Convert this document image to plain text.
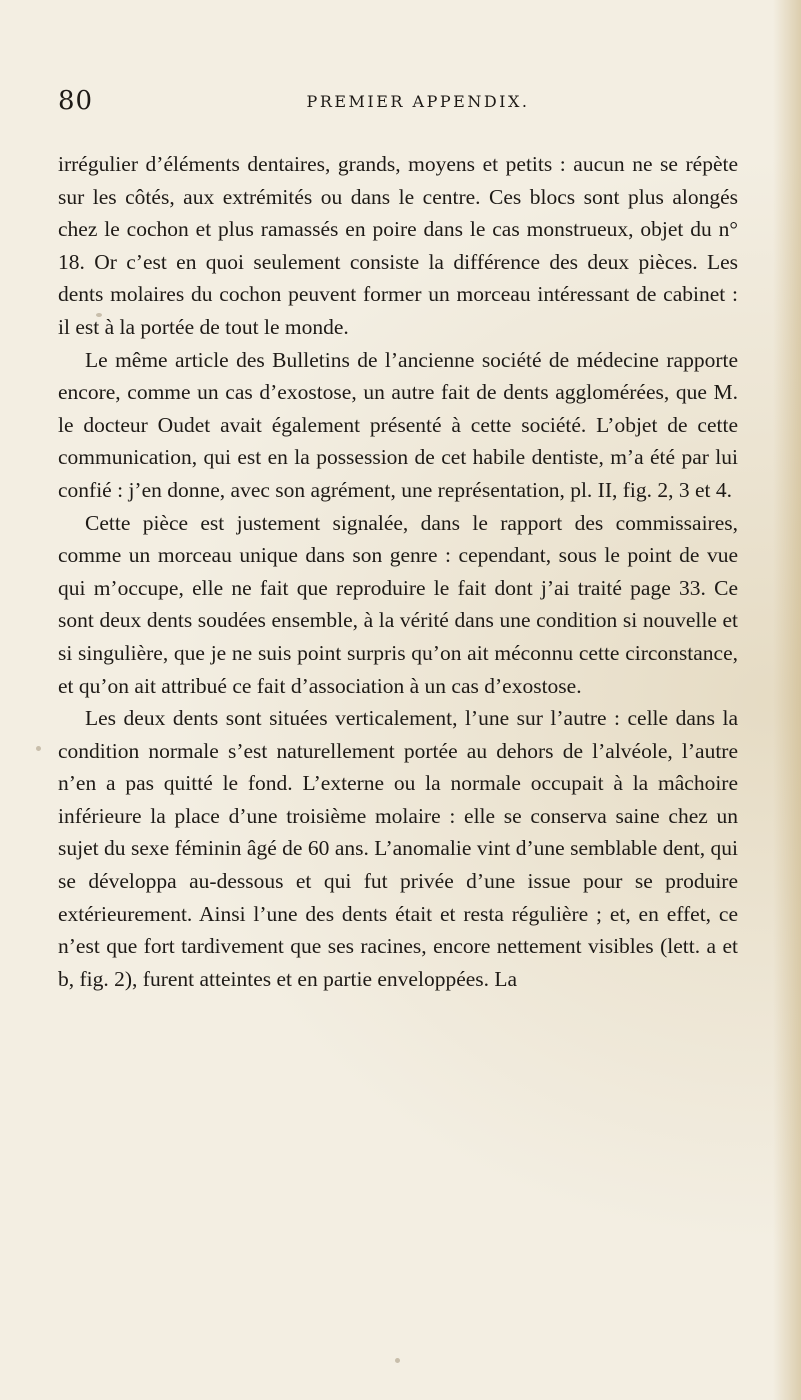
80	PREMIER APPENDIX.

irrégulier d’éléments dentaires, grands, moyens et petits : aucun ne se répète sur les côtés, aux extrémités ou dans le centre. Ces blocs sont plus alongés chez le cochon et plus ramassés en poire dans le cas monstrueux, objet du n° 18. Or c’est en quoi seulement consiste la différence des deux pièces. Les dents molaires du cochon peuvent former un morceau intéressant de cabinet : il est à la portée de tout le monde.

Le même article des Bulletins de l’ancienne société de médecine rapporte encore, comme un cas d’exostose, un autre fait de dents agglomérées, que M. le docteur Oudet avait également présenté à cette société. L’objet de cette communication, qui est en la possession de cet habile dentiste, m’a été par lui confié : j’en donne, avec son agrément, une représentation, pl. II, fig. 2, 3 et 4.

Cette pièce est justement signalée, dans le rapport des commissaires, comme un morceau unique dans son genre : cependant, sous le point de vue qui m’occupe, elle ne fait que reproduire le fait dont j’ai traité page 33. Ce sont deux dents soudées ensemble, à la vérité dans une condition si nouvelle et si singulière, que je ne suis point surpris qu’on ait méconnu cette circonstance, et qu’on ait attribué ce fait d’association à un cas d’exostose.

Les deux dents sont situées verticalement, l’une sur l’autre : celle dans la condition normale s’est naturellement portée au dehors de l’alvéole, l’autre n’en a pas quitté le fond. L’externe ou la normale occupait à la mâchoire inférieure la place d’une troisième molaire : elle se conserva saine chez un sujet du sexe féminin âgé de 60 ans. L’anomalie vint d’une semblable dent, qui se développa au-dessous et qui fut privée d’une issue pour se produire extérieurement. Ainsi l’une des dents était et resta régulière ; et, en effet, ce n’est que fort tardivement que ses racines, encore nettement visibles (lett. a et b, fig. 2), furent atteintes et en partie enveloppées. La
